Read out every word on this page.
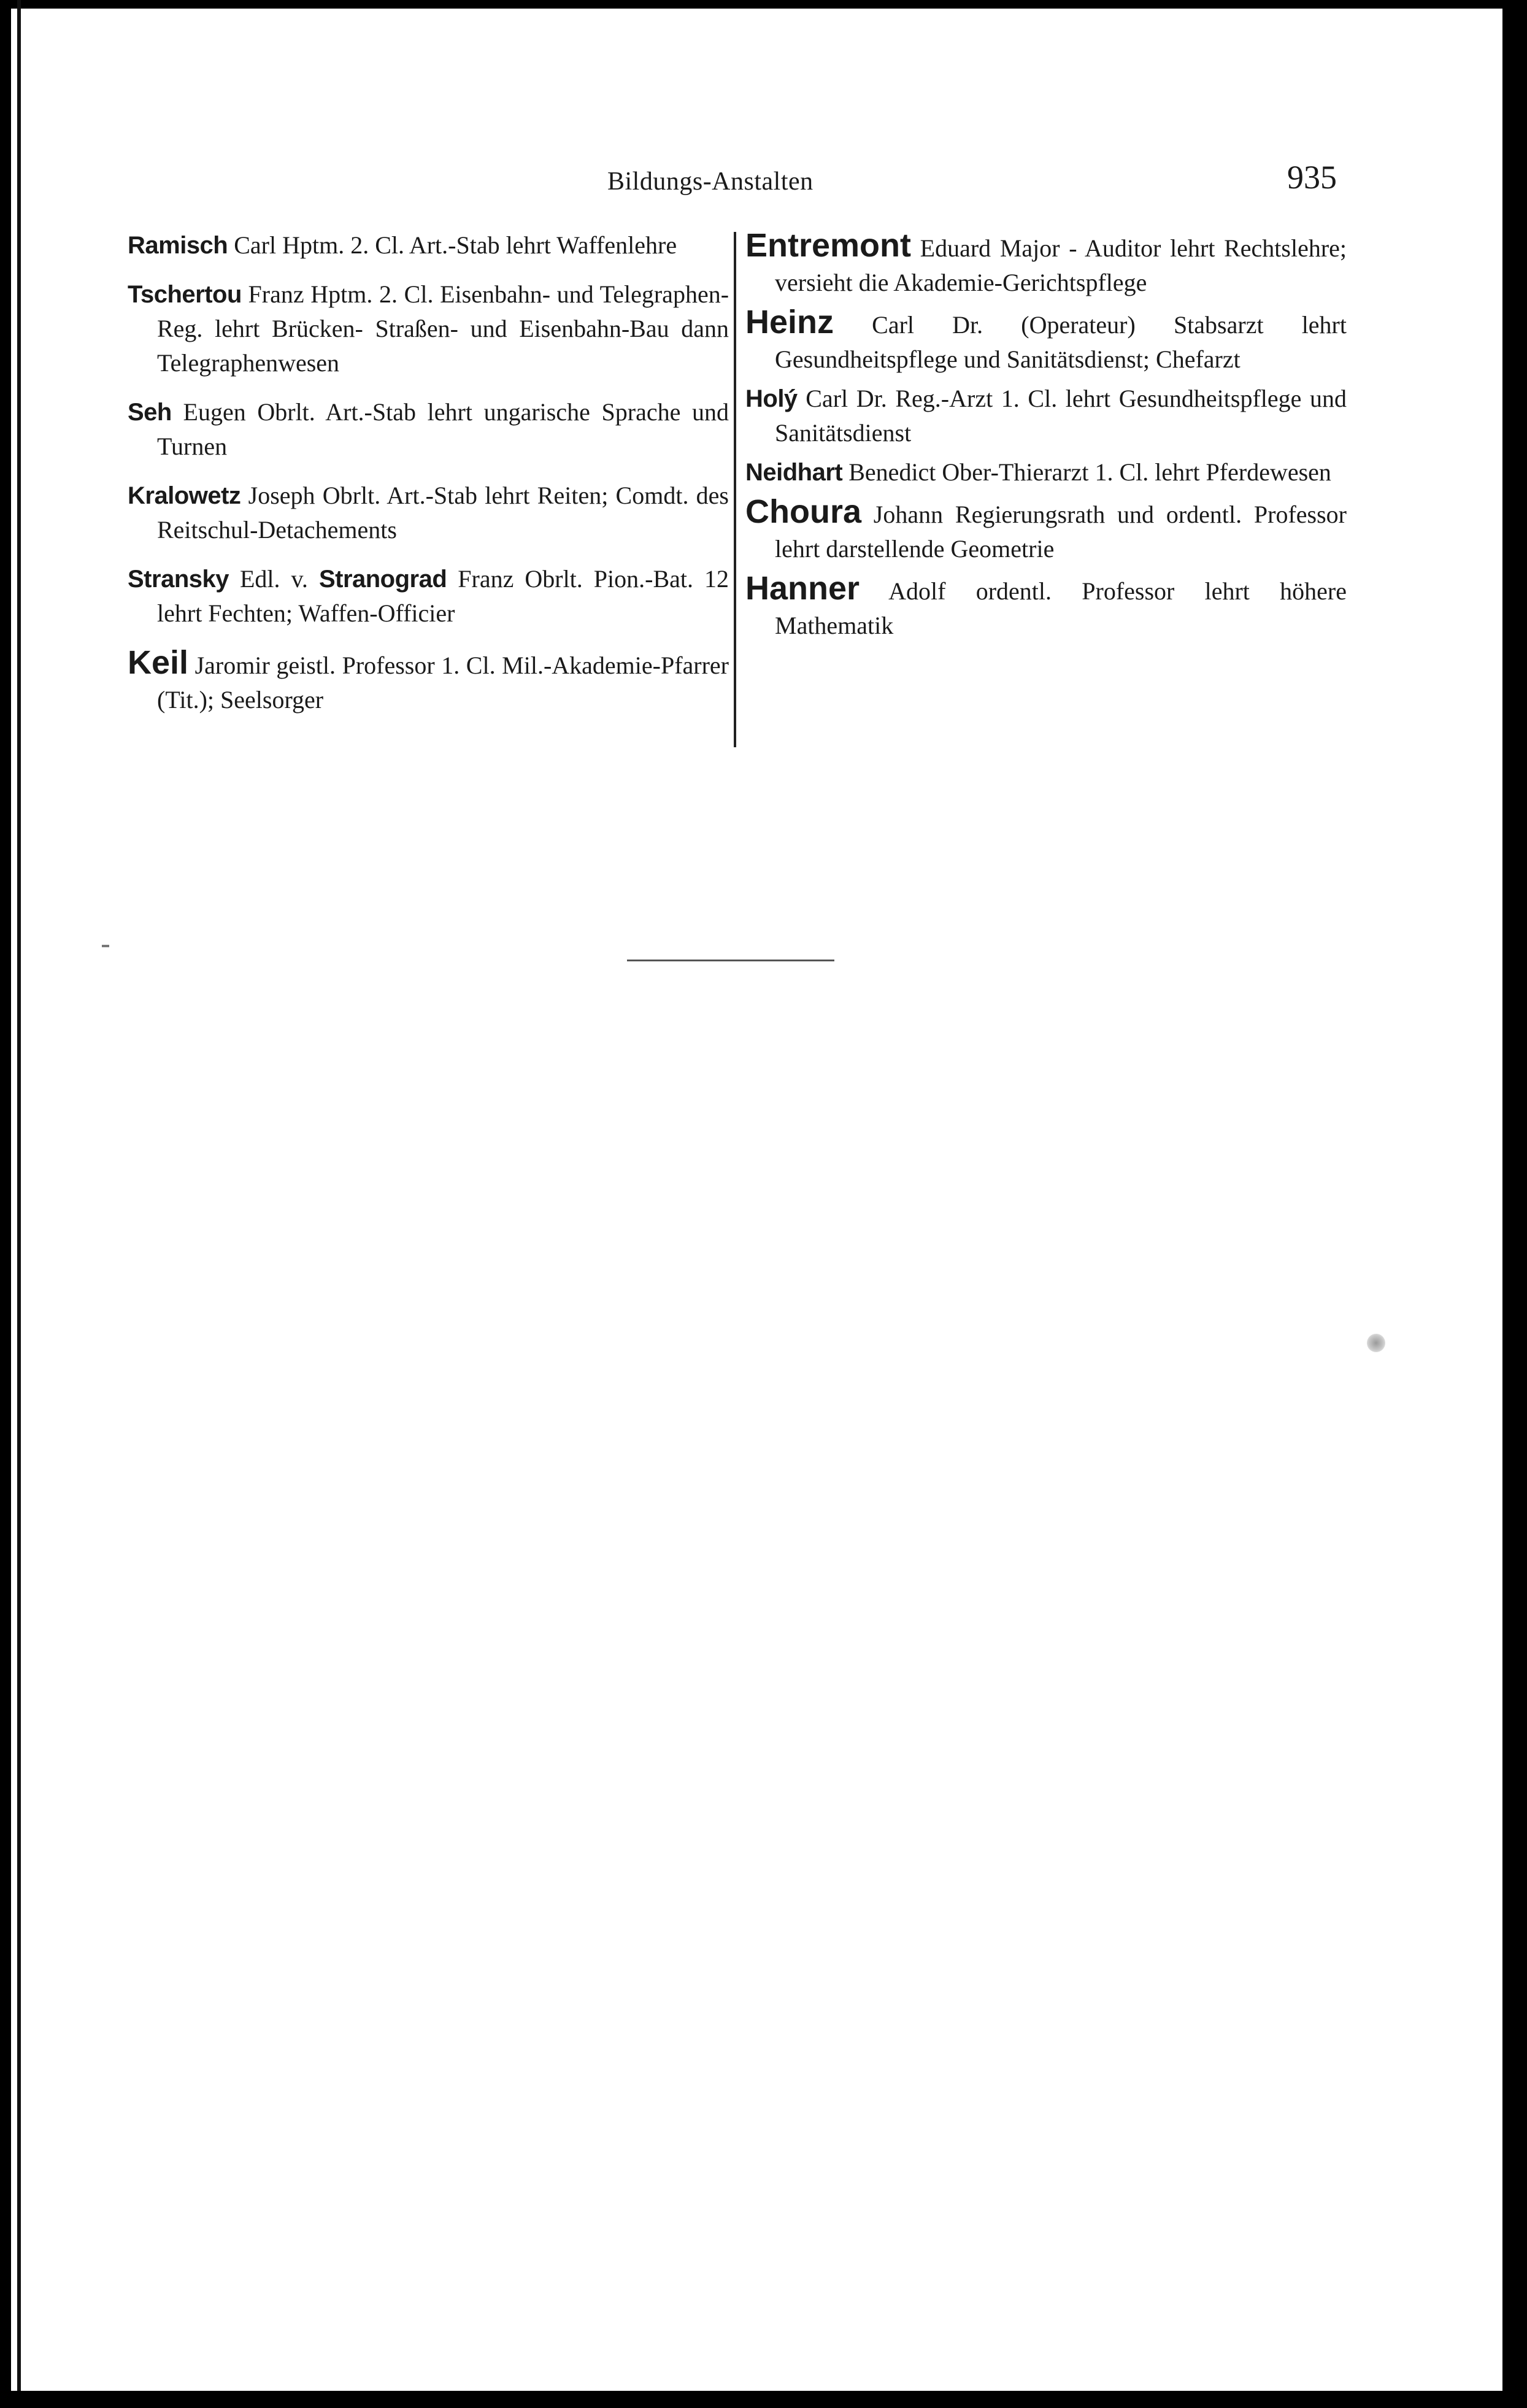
Bildungs-Anstalten	935

Ramisch Carl Hptm. 2. Cl. Art.-Stab lehrt Waffenlehre

Tschertou Franz Hptm. 2. Cl. Eisenbahn- und Telegraphen-Reg. lehrt Brücken- Straßen- und Eisenbahn-Bau dann Telegraphenwesen

Seh Eugen Obrlt. Art.-Stab lehrt ungarische Sprache und Turnen

Kralowetz Joseph Obrlt. Art.-Stab lehrt Reiten; Comdt. des Reitschul-Detachements

Stransky Edl. v. Stranograd Franz Obrlt. Pion.-Bat. 12 lehrt Fechten; Waffen-Officier

Keil Jaromir geistl. Professor 1. Cl. Mil.-Akademie-Pfarrer (Tit.); Seelsorger

Entremont Eduard Major - Auditor lehrt Rechtslehre; versieht die Akademie-Gerichtspflege

Heinz Carl Dr. (Operateur) Stabsarzt lehrt Gesundheitspflege und Sanitätsdienst; Chefarzt

Holý Carl Dr. Reg.-Arzt 1. Cl. lehrt Gesundheitspflege und Sanitätsdienst

Neidhart Benedict Ober-Thierarzt 1. Cl. lehrt Pferdewesen

Choura Johann Regierungsrath und ordentl. Professor lehrt darstellende Geometrie

Hanner Adolf ordentl. Professor lehrt höhere Mathematik
